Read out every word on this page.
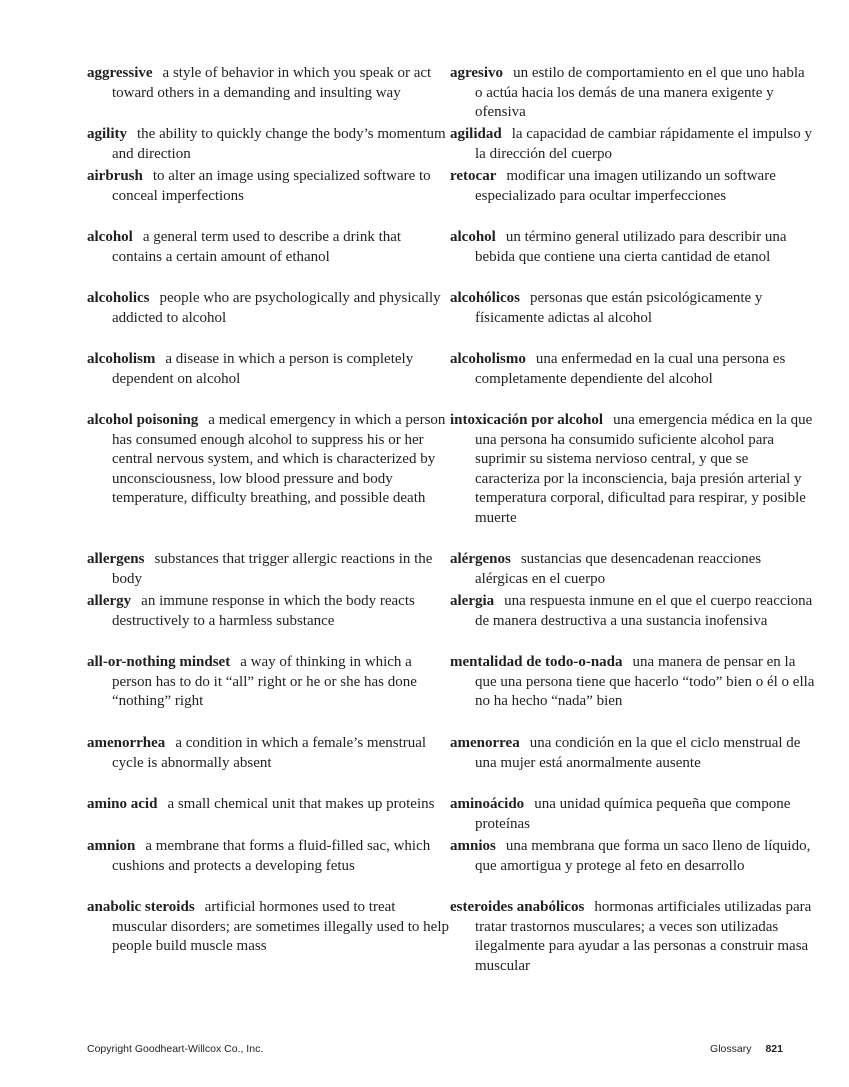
aggressive a style of behavior in which you speak or act toward others in a demanding and insulting way
agresivo un estilo de comportamiento en el que uno habla o actúa hacia los demás de una manera exigente y ofensiva
agility the ability to quickly change the body’s momentum and direction
agilidad la capacidad de cambiar rápidamente el impulso y la dirección del cuerpo
airbrush to alter an image using specialized software to conceal imperfections
retocar modificar una imagen utilizando un software especializado para ocultar imperfecciones
alcohol a general term used to describe a drink that contains a certain amount of ethanol
alcohol un término general utilizado para describir una bebida que contiene una cierta cantidad de etanol
alcoholics people who are psychologically and physically addicted to alcohol
alcohólicos personas que están psicológicamente y físicamente adictas al alcohol
alcoholism a disease in which a person is completely dependent on alcohol
alcoholismo una enfermedad en la cual una persona es completamente dependiente del alcohol
alcohol poisoning a medical emergency in which a person has consumed enough alcohol to suppress his or her central nervous system, and which is characterized by unconsciousness, low blood pressure and body temperature, difficulty breathing, and possible death
intoxicación por alcohol una emergencia médica en la que una persona ha consumido suficiente alcohol para suprimir su sistema nervioso central, y que se caracteriza por la inconsciencia, baja presión arterial y temperatura corporal, dificultad para respirar, y posible muerte
allergens substances that trigger allergic reactions in the body
alérgenos sustancias que desencadenan reacciones alérgicas en el cuerpo
allergy an immune response in which the body reacts destructively to a harmless substance
alergia una respuesta inmune en el que el cuerpo reacciona de manera destructiva a una sustancia inofensiva
all-or-nothing mindset a way of thinking in which a person has to do it “all” right or he or she has done “nothing” right
mentalidad de todo-o-nada una manera de pensar en la que una persona tiene que hacerlo “todo” bien o él o ella no ha hecho “nada” bien
amenorrhea a condition in which a female’s menstrual cycle is abnormally absent
amenorrea una condición en la que el ciclo menstrual de una mujer está anormalmente ausente
amino acid a small chemical unit that makes up proteins	aminoácido una unidad química pequeña que compone proteínas
amnion a membrane that forms a fluid-filled sac, which cushions and protects a developing fetus
amnios una membrana que forma un saco lleno de líquido, que amortigua y protege al feto en desarrollo
anabolic steroids artificial hormones used to treat muscular disorders; are sometimes illegally used to help people build muscle mass
esteroides anabólicos hormonas artificiales utilizadas para tratar trastornos musculares; a veces son utilizadas ilegalmente para ayudar a las personas a construir masa muscular
Copyright Goodheart-Willcox Co., Inc.	Glossary 821
